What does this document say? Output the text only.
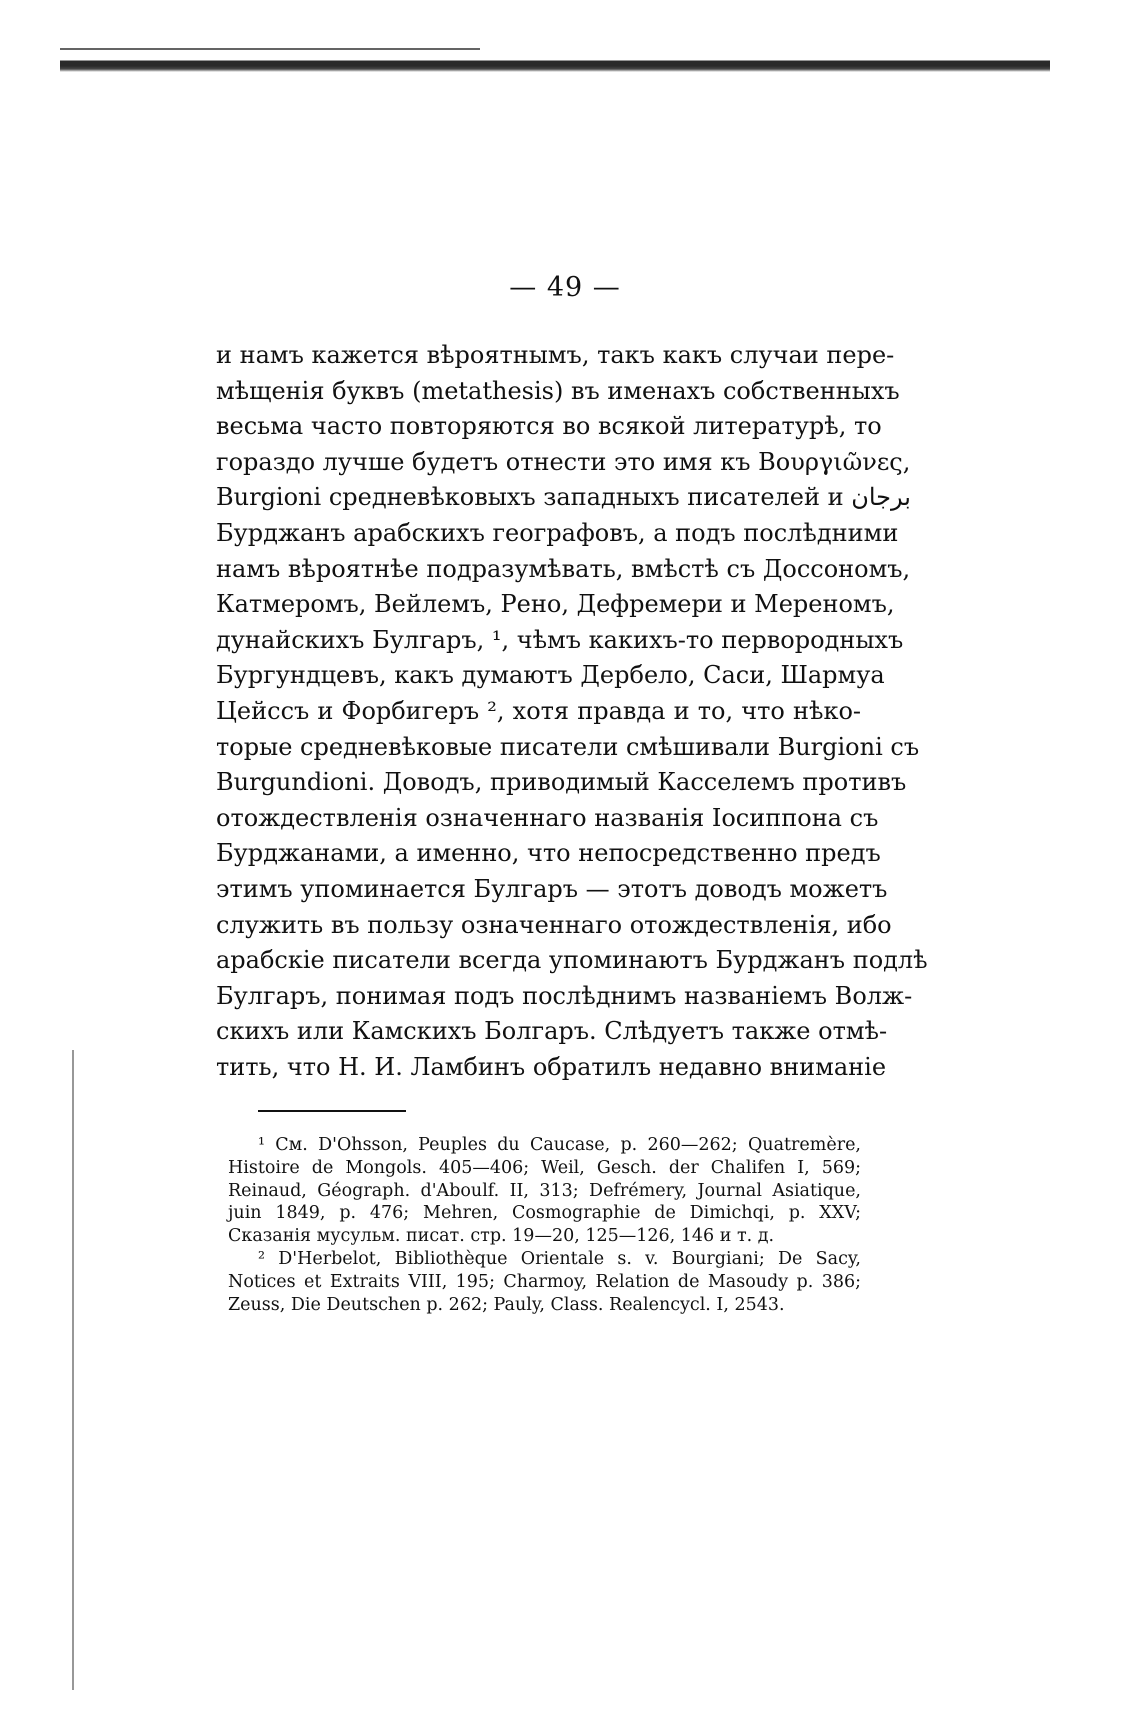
— 49 —
и намъ кажется вѣроятнымъ, такъ какъ случаи пере-
мѣщенія буквъ (metathesis) въ именахъ собственныхъ
весьма часто повторяются во всякой литературѣ, то
гораздо лучше будетъ отнести это имя къ Βουργιῶνες,
Burgioni средневѣковыхъ западныхъ писателей и برجان
Бурджанъ арабскихъ географовъ, а подъ послѣдними
намъ вѣроятнѣе подразумѣвать, вмѣстѣ съ Доссономъ,
Катмеромъ, Вейлемъ, Рено, Дефремери и Мереномъ,
дунайскихъ Булгаръ, ¹, чѣмъ какихъ-то первородныхъ
Бургундцевъ, какъ думаютъ Дербело, Саси, Шармуа
Цейссъ и Форбигеръ ², хотя правда и то, что нѣко-
торые средневѣковые писатели смѣшивали Burgioni съ
Burgundioni. Доводъ, приводимый Касселемъ противъ
отождествленія означеннаго названія Іосиппона съ
Бурджанами, а именно, что непосредственно предъ
этимъ упоминается Булгаръ — этотъ доводъ можетъ
служить въ пользу означеннаго отождествленія, ибо
арабскіе писатели всегда упоминаютъ Бурджанъ подлѣ
Булгаръ, понимая подъ послѣднимъ названіемъ Волж-
скихъ или Камскихъ Болгаръ. Слѣдуетъ также отмѣ-
тить, что Н. И. Ламбинъ обратилъ недавно вниманіе
¹ См. D'Ohsson, Peuples du Caucase, p. 260—262; Quatremère,
Histoire de Mongols. 405—406; Weil, Gesch. der Chalifen I, 569;
Reinaud, Géograph. d'Aboulf. II, 313; Defrémery, Journal Asiatique,
juin 1849, p. 476; Mehren, Cosmographie de Dimichqi, p. XXV;
Сказанія мусульм. писат. стр. 19—20, 125—126, 146 и т. д.
² D'Herbelot, Bibliothèque Orientale s. v. Bourgiani; De Sacy,
Notices et Extraits VIII, 195; Charmoy, Relation de Masoudy p. 386;
Zeuss, Die Deutschen p. 262; Pauly, Class. Realencycl. I, 2543.
